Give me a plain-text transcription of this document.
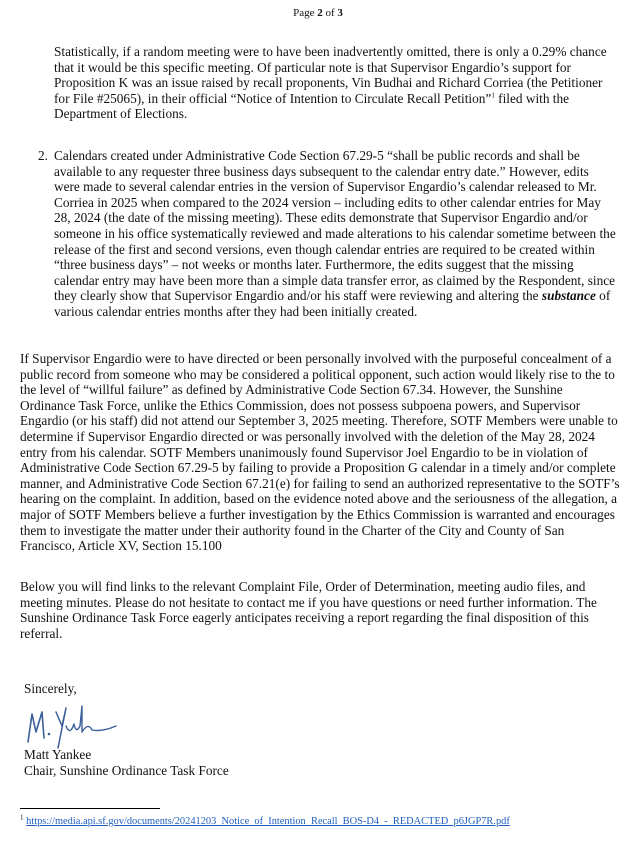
Page 2 of 3

Statistically, if a random meeting were to have been inadvertently omitted, there is only a 0.29% chance that it would be this specific meeting. Of particular note is that Supervisor Engardio’s support for Proposition K was an issue raised by recall proponents, Vin Budhai and Richard Corriea (the Petitioner for File #25065), in their official “Notice of Intention to Circulate Recall Petition”$^1$ filed with the Department of Elections.

2. Calendars created under Administrative Code Section 67.29-5 “shall be public records and shall be available to any requester three business days subsequent to the calendar entry date.” However, edits were made to several calendar entries in the version of Supervisor Engardio’s calendar released to Mr. Corriea in 2025 when compared to the 2024 version – including edits to other calendar entries for May 28, 2024 (the date of the missing meeting). These edits demonstrate that Supervisor Engardio and/or someone in his office systematically reviewed and made alterations to his calendar sometime between the release of the first and second versions, even though calendar entries are required to be created within “three business days” – not weeks or months later. Furthermore, the edits suggest that the missing calendar entry may have been more than a simple data transfer error, as claimed by the Respondent, since they clearly show that Supervisor Engardio and/or his staff were reviewing and altering the substance of various calendar entries months after they had been initially created.

If Supervisor Engardio were to have directed or been personally involved with the purposeful concealment of a public record from someone who may be considered a political opponent, such action would likely rise to the to the level of “willful failure” as defined by Administrative Code Section 67.34. However, the Sunshine Ordinance Task Force, unlike the Ethics Commission, does not possess subpoena powers, and Supervisor Engardio (or his staff) did not attend our September 3, 2025 meeting. Therefore, SOTF Members were unable to determine if Supervisor Engardio directed or was personally involved with the deletion of the May 28, 2024 entry from his calendar. SOTF Members unanimously found Supervisor Joel Engardio to be in violation of Administrative Code Section 67.29-5 by failing to provide a Proposition G calendar in a timely and/or complete manner, and Administrative Code Section 67.21(e) for failing to send an authorized representative to the SOTF’s hearing on the complaint. In addition, based on the evidence noted above and the seriousness of the allegation, a major of SOTF Members believe a further investigation by the Ethics Commission is warranted and encourages them to investigate the matter under their authority found in the Charter of the City and County of San Francisco, Article XV, Section 15.100

Below you will find links to the relevant Complaint File, Order of Determination, meeting audio files, and meeting minutes. Please do not hesitate to contact me if you have questions or need further information. The Sunshine Ordinance Task Force eagerly anticipates receiving a report regarding the final disposition of this referral.

Sincerely,

Matt Yankee
Chair, Sunshine Ordinance Task Force
$^1$ https://media.api.sf.gov/documents/20241203_Notice_of_Intention_Recall_BOS-D4_-_REDACTED_p6JGP7R.pdf
